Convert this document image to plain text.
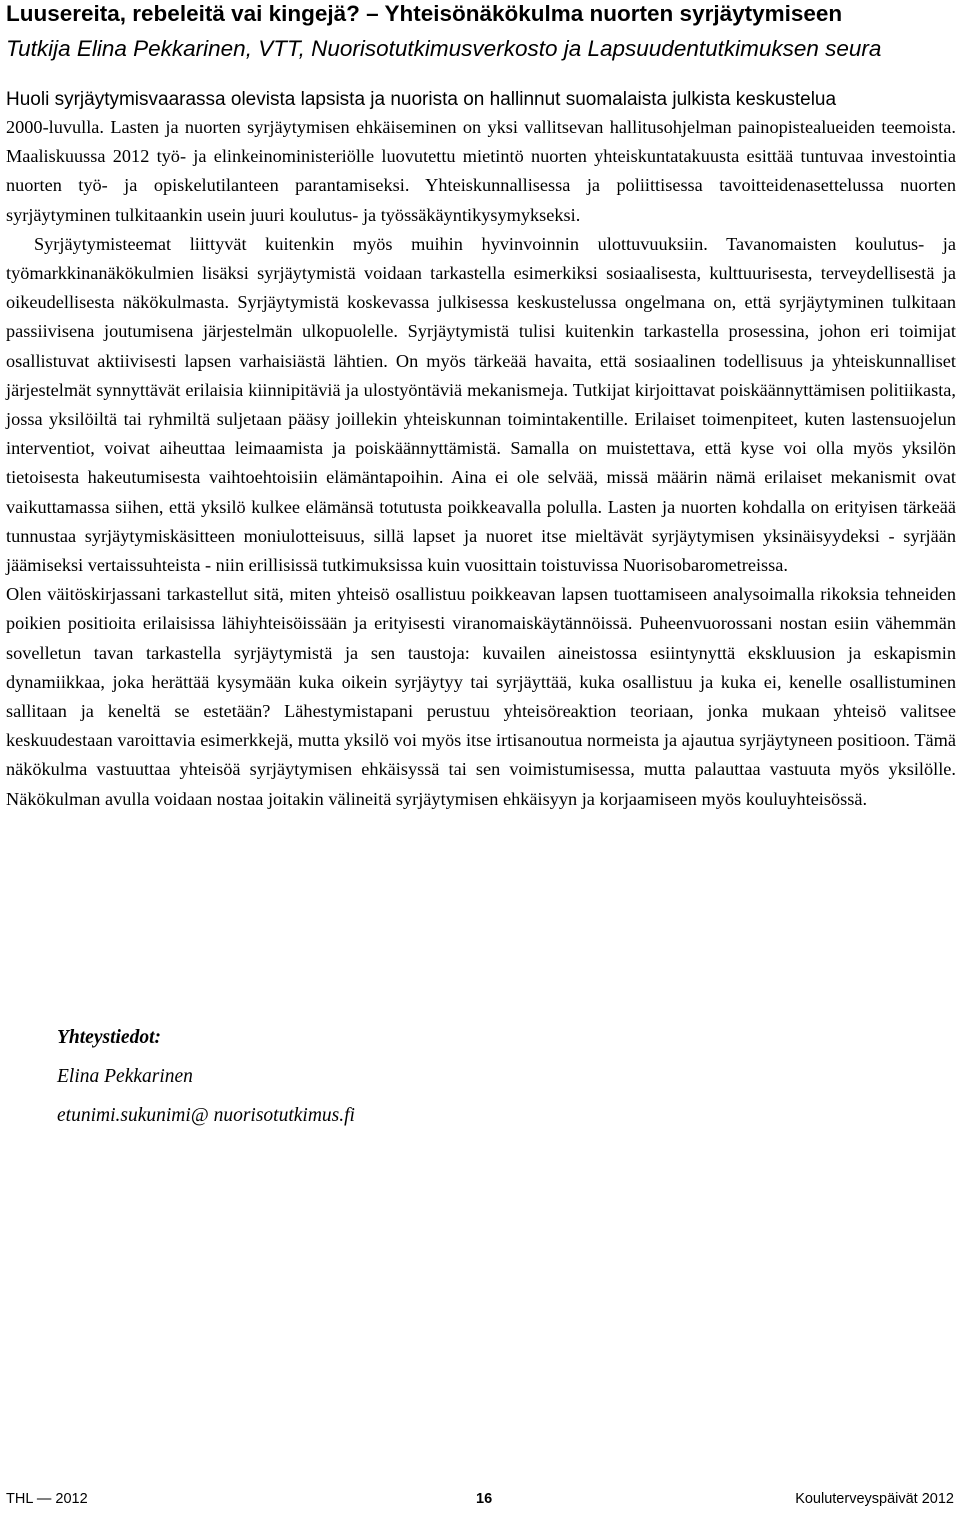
Luusereita, rebeleitä vai kingejä? – Yhteisönäkökulma nuorten syrjäytymiseen
Tutkija Elina Pekkarinen, VTT, Nuorisotutkimusverkosto ja Lapsuudentutkimuksen seura
Huoli syrjäytymisvaarassa olevista lapsista ja nuorista on hallinnut suomalaista julkista keskustelua

2000-luvulla. Lasten ja nuorten syrjäytymisen ehkäiseminen on yksi vallitsevan hallitusohjelman painopistealueiden teemoista. Maaliskuussa 2012 työ- ja elinkeinoministeriölle luovutettu mietintö nuorten yhteiskuntatakuusta esittää tuntuvaa investointia nuorten työ- ja opiskelutilanteen parantamiseksi. Yhteiskunnallisessa ja poliittisessa tavoitteidenasettelussa nuorten syrjäytyminen tulkitaankin usein juuri koulutus- ja työssäkäyntikysymykseksi.

Syrjäytymisteemat liittyvät kuitenkin myös muihin hyvinvoinnin ulottuvuuksiin. Tavanomaisten koulutus- ja työmarkkinanäkökulmien lisäksi syrjäytymistä voidaan tarkastella esimerkiksi sosiaalisesta, kulttuurisesta, terveydellisestä ja oikeudellisesta näkökulmasta. Syrjäytymistä koskevassa julkisessa keskustelussa ongelmana on, että syrjäytyminen tulkitaan passiivisena joutumisena järjestelmän ulkopuolelle. Syrjäytymistä tulisi kuitenkin tarkastella prosessina, johon eri toimijat osallistuvat aktiivisesti lapsen varhaisiästä lähtien. On myös tärkeää havaita, että sosiaalinen todellisuus ja yhteiskunnalliset järjestelmät synnyttävät erilaisia kiinnipitäviä ja ulostyöntäviä mekanismeja. Tutkijat kirjoittavat poiskäännyttämisen politiikasta, jossa yksilöiltä tai ryhmiltä suljetaan pääsy joillekin yhteiskunnan toimintakentille. Erilaiset toimenpiteet, kuten lastensuojelun interventiot, voivat aiheuttaa leimaamista ja poiskäännyttämistä. Samalla on muistettava, että kyse voi olla myös yksilön tietoisesta hakeutumisesta vaihtoehtoisiin elämäntapoihin. Aina ei ole selvää, missä määrin nämä erilaiset mekanismit ovat vaikuttamassa siihen, että yksilö kulkee elämänsä totutusta poikkeavalla polulla. Lasten ja nuorten kohdalla on erityisen tärkeää tunnustaa syrjäytymiskäsitteen moniulotteisuus, sillä lapset ja nuoret itse mieltävät syrjäytymisen yksinäisyydeksi - syrjään jäämiseksi vertaissuhteista - niin erillisissä tutkimuksissa kuin vuosittain toistuvissa Nuorisobarometreissa.

Olen väitöskirjassani tarkastellut sitä, miten yhteisö osallistuu poikkeavan lapsen tuottamiseen analysoimalla rikoksia tehneiden poikien positioita erilaisissa lähiyhteisöissään ja erityisesti viranomaiskäytännöissä. Puheenvuorossani nostan esiin vähemmän sovelletun tavan tarkastella syrjäytymistä ja sen taustoja: kuvailen aineistossa esiintynyttä ekskluusion ja eskapismin dynamiikkaa, joka herättää kysymään kuka oikein syrjäytyy tai syrjäyttää, kuka osallistuu ja kuka ei, kenelle osallistuminen sallitaan ja keneltä se estetään? Lähestymistapani perustuu yhteisöreaktion teoriaan, jonka mukaan yhteisö valitsee keskuudestaan varoittavia esimerkkejä, mutta yksilö voi myös itse irtisanoutua normeista ja ajautua syrjäytyneen positioon. Tämä näkökulma vastuuttaa yhteisöä syrjäytymisen ehkäisyssä tai sen voimistumisessa, mutta palauttaa vastuuta myös yksilölle. Näkökulman avulla voidaan nostaa joitakin välineitä syrjäytymisen ehkäisyyn ja korjaamiseen myös kouluyhteisössä.

Yhteystiedot:
Elina Pekkarinen
etunimi.sukunimi@ nuorisotutkimus.fi
THL — 2012	16	Kouluterveyspäivät 2012
